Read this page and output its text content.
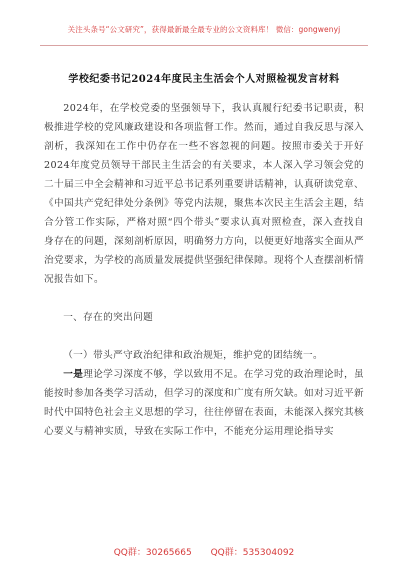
关注头条号“公文研究”，获得最新最全最专业的公文资料库！ 微信：gongwenyj
学校纪委书记2024年度民主生活会个人对照检视发言材料

2024年，在学校党委的坚强领导下，我认真履行纪委书记职责，积极推进学校的党风廉政建设和各项监督工作。然而，通过自我反思与深入剖析，我深知在工作中仍存在一些不容忽视的问题。按照市委关于开好2024年度党员领导干部民主生活会的有关要求，本人深入学习领会党的二十届三中全会精神和习近平总书记系列重要讲话精神，认真研读党章、《中国共产党纪律处分条例》等党内法规，聚焦本次民主生活会主题，结合分管工作实际，严格对照“四个带头”要求认真对照检查，深入查找自身存在的问题，深刻剖析原因，明确努力方向，以便更好地落实全面从严治党要求，为学校的高质量发展提供坚强纪律保障。现将个人查摆剖析情况报告如下。

一、存在的突出问题

（一）带头严守政治纪律和政治规矩，维护党的团结统一。

一是理论学习深度不够，学以致用不足。在学习党的政治理论时，虽能按时参加各类学习活动，但学习的深度和广度有所欠缺。如对习近平新时代中国特色社会主义思想的学习，往往停留在表面，未能深入探究其核心要义与精神实质，导致在实际工作中，不能充分运用理论指导实

QQ群：30265665 QQ群：535304092
